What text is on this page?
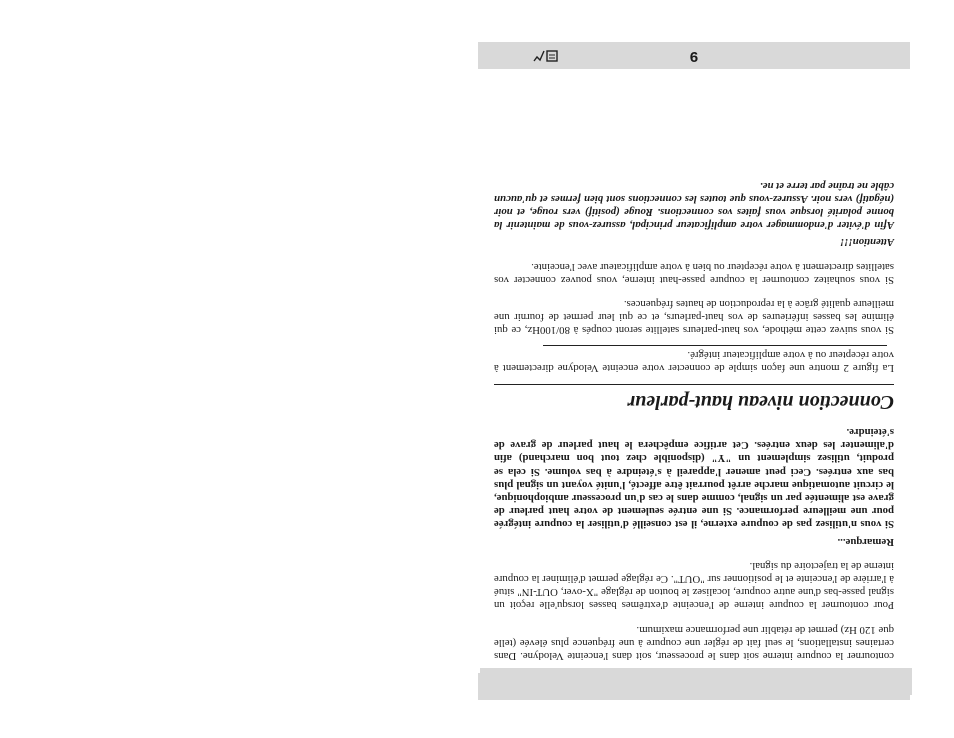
contourner la coupure interne soit dans le processeur, soit dans l'enceinte Velodyne. Dans certaines installations, le seul fait de régler une coupure à une fréquence plus élevée (telle que 120 Hz) permet de rétablir une performance maximum.

Pour contourner la coupure interne de l'enceinte d'extrêmes basses lorsqu'elle reçoit un signal passe-bas d'une autre coupure, localisez le bouton de réglage "X-over, OUT-IN" situé à l'arrière de l'enceinte et le positionner sur "OUT". Ce réglage permet d'éliminer la coupure interne de la trajectoire du signal.

Remarque...

Si vous n'utilisez pas de coupure externe, il est conseillé d'utiliser la coupure intégrée pour une meilleure performance. Si une entrée seulement de votre haut parleur de grave est alimentée par un signal, comme dans le cas d'un processeur ambiophonique, le circuit automatique marche arrêt pourrait être affecté, l'unité voyant un signal plus bas aux entrées. Ceci peut amener l'appareil à s'éteindre à bas volume. Si cela se produit, utilisez simplement un "Y" (disponible chez tout bon marchand) afin d'alimenter les deux entrées. Cet artifice empêchera le haut parleur de grave de s'éteindre.

Connection niveau haut-parleur

La figure 2 montre une façon simple de connecter votre enceinte Velodyne directement à votre récepteur ou à votre amplificateur intégré.

Si vous suivez cette méthode, vos haut-parleurs satellite seront coupés à 80/100Hz, ce qui élimine les basses inférieures de vos haut-parleurs, et ce qui leur permet de fournir une meilleure qualité grâce à la reproduction de hautes fréquences.

Si vous souhaitez contourner la coupure passe-haut interne, vous pouvez connecter vos satellites directement à votre récepteur ou bien à votre amplificateur avec l'enceinte.

Attention!!!

Afin d'éviter d'endommager votre amplificateur principal, assurez-vous de maintenir la bonne polarité lorsque vous faites vos connections. Rouge (positif) vers rouge, et noir (négatif) vers noir. Assurez-vous que toutes les connections sont bien fermes et qu'aucun câble ne traîne par terre et ne.

9
